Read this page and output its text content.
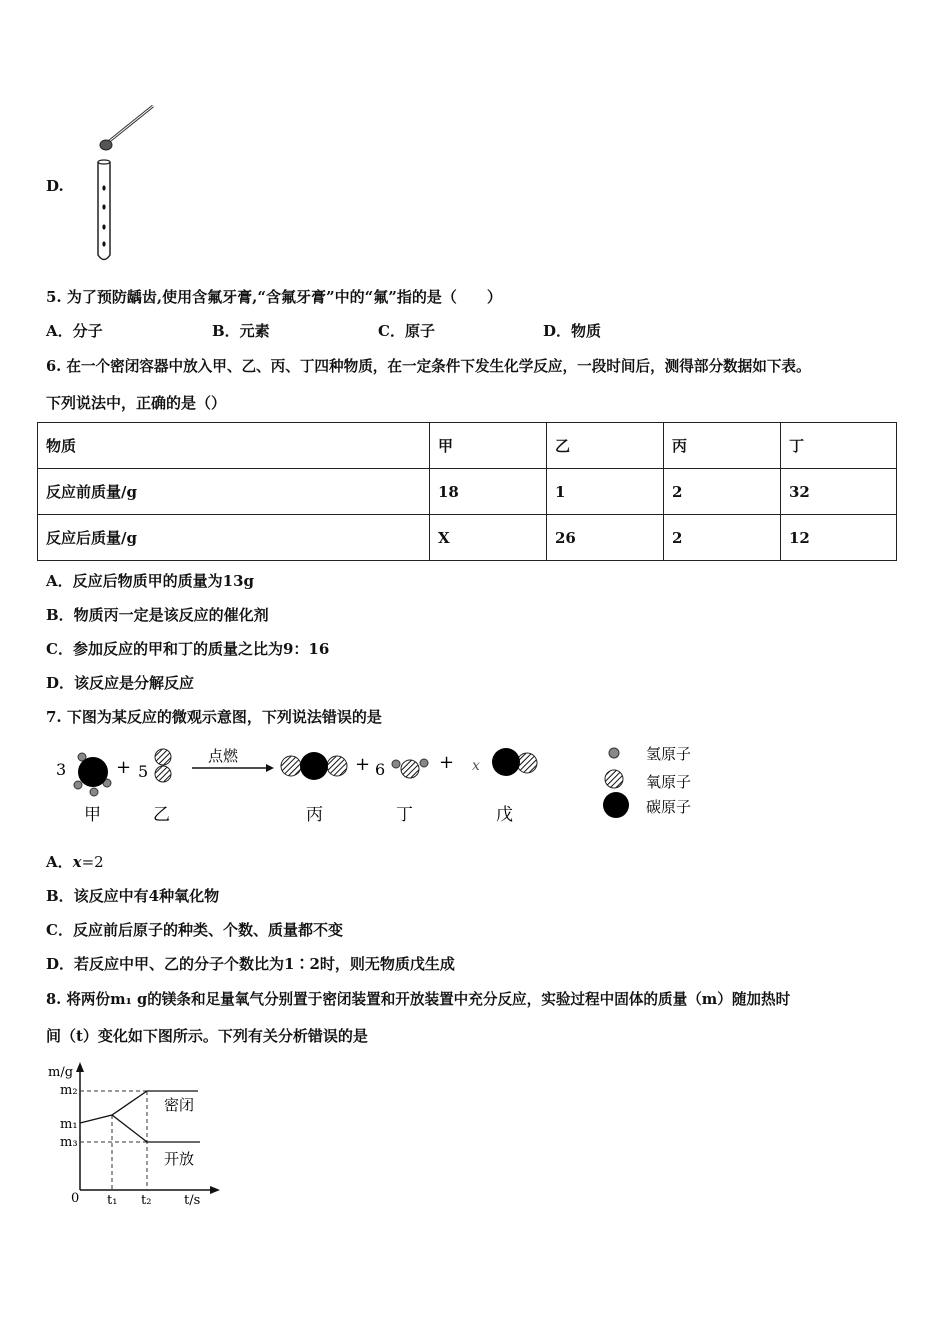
D.
5. 为了预防龋齿,使用含氟牙膏,“含氟牙膏”中的“氟”指的是（　　）
A．分子	B．元素	C．原子	D．物质
6. 在一个密闭容器中放入甲、乙、丙、丁四种物质，在一定条件下发生化学反应，一段时间后，测得部分数据如下表。
下列说法中，正确的是（）
物质	甲	乙	丙	丁
反应前质量/g	18	1	2	32
反应后质量/g	X	26	2	12
A．反应后物质甲的质量为13g
B．物质丙一定是该反应的催化剂
C．参加反应的甲和丁的质量之比为9：16
D．该反应是分解反应
7. 下图为某反应的微观示意图，下列说法错误的是
3
甲
+ 5
乙
点燃
丙
+ 6
丁
+ x
戊
氢原子
氧原子
碳原子
A．x=2
B．该反应中有4种氧化物
C．反应前后原子的种类、个数、质量都不变
D．若反应中甲、乙的分子个数比为1∶2时，则无物质戊生成
8. 将两份m₁ g的镁条和足量氧气分别置于密闭装置和开放装置中充分反应，实验过程中固体的质量（m）随加热时
间（t）变化如下图所示。下列有关分析错误的是
m/g
t/s
0
m₂
m₁
m₃
t₁ t₂
密闭
开放
